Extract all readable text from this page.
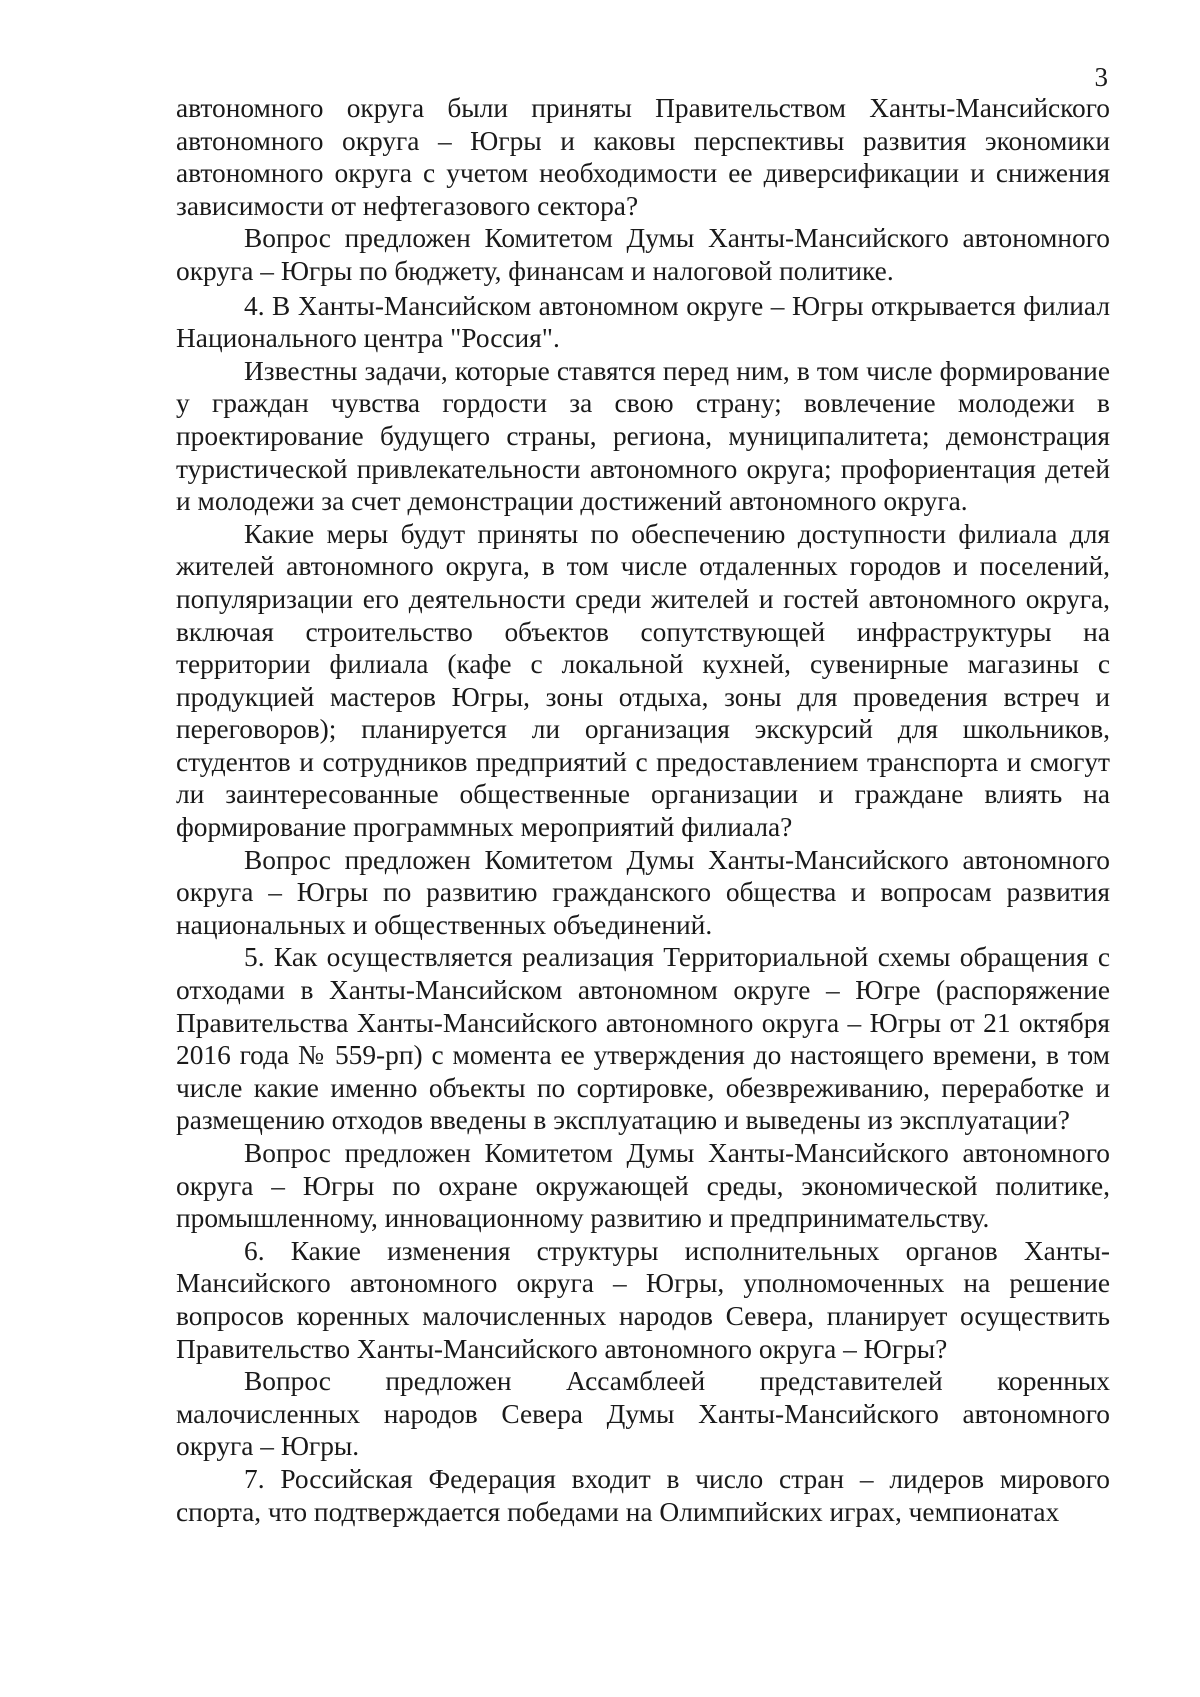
3

автономного округа были приняты Правительством Ханты-Мансийского автономного округа – Югры и каковы перспективы развития экономики автономного округа с учетом необходимости ее диверсификации и снижения зависимости от нефтегазового сектора?

Вопрос предложен Комитетом Думы Ханты-Мансийского автономного округа – Югры по бюджету, финансам и налоговой политике.

4. В Ханты-Мансийском автономном округе – Югры открывается филиал Национального центра "Россия".

Известны задачи, которые ставятся перед ним, в том числе формирование у граждан чувства гордости за свою страну; вовлечение молодежи в проектирование будущего страны, региона, муниципалитета; демонстрация туристической привлекательности автономного округа; профориентация детей и молодежи за счет демонстрации достижений автономного округа.

Какие меры будут приняты по обеспечению доступности филиала для жителей автономного округа, в том числе отдаленных городов и поселений, популяризации его деятельности среди жителей и гостей автономного округа, включая строительство объектов сопутствующей инфраструктуры на территории филиала (кафе с локальной кухней, сувенирные магазины с продукцией мастеров Югры, зоны отдыха, зоны для проведения встреч и переговоров); планируется ли организация экскурсий для школьников, студентов и сотрудников предприятий с предоставлением транспорта и смогут ли заинтересованные общественные организации и граждане влиять на формирование программных мероприятий филиала?

Вопрос предложен Комитетом Думы Ханты-Мансийского автономного округа – Югры по развитию гражданского общества и вопросам развития национальных и общественных объединений.

5. Как осуществляется реализация Территориальной схемы обращения с отходами в Ханты-Мансийском автономном округе – Югре (распоряжение Правительства Ханты-Мансийского автономного округа – Югры от 21 октября 2016 года № 559-рп) с момента ее утверждения до настоящего времени, в том числе какие именно объекты по сортировке, обезвреживанию, переработке и размещению отходов введены в эксплуатацию и выведены из эксплуатации?

Вопрос предложен Комитетом Думы Ханты-Мансийского автономного округа – Югры по охране окружающей среды, экономической политике, промышленному, инновационному развитию и предпринимательству.

6. Какие изменения структуры исполнительных органов Ханты-Мансийского автономного округа – Югры, уполномоченных на решение вопросов коренных малочисленных народов Севера, планирует осуществить Правительство Ханты-Мансийского автономного округа – Югры?

Вопрос предложен Ассамблеей представителей коренных малочисленных народов Севера Думы Ханты-Мансийского автономного округа – Югры.

7. Российская Федерация входит в число стран – лидеров мирового спорта, что подтверждается победами на Олимпийских играх, чемпионатах
